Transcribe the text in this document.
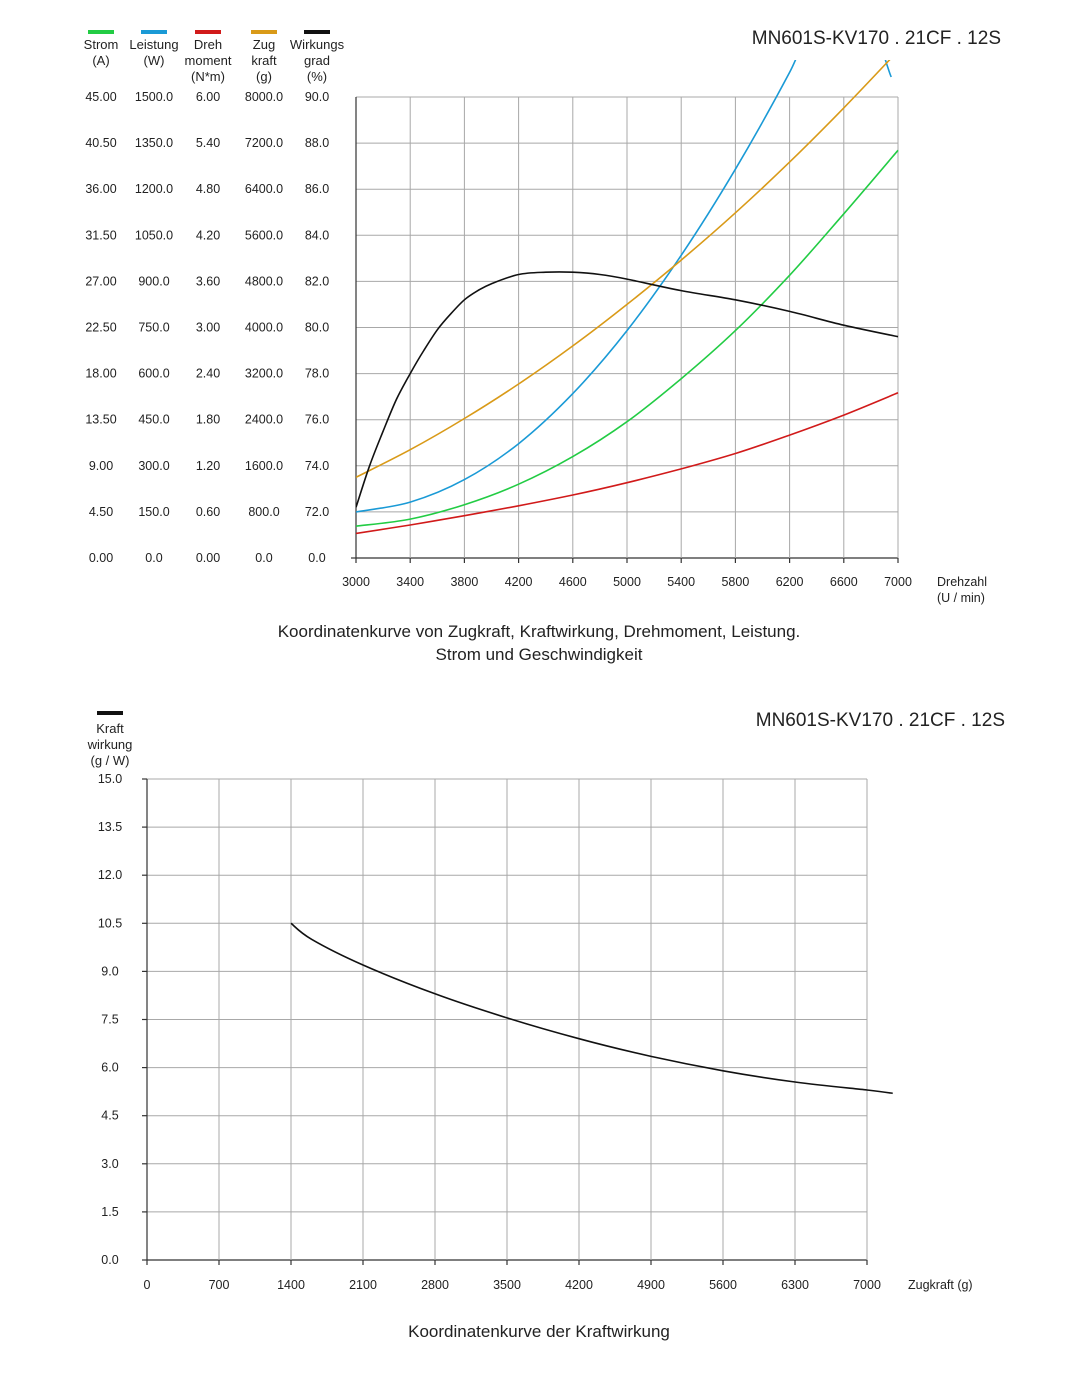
MN601S-KV170 . 21CF . 12S
Strom
(A)
Leistung
(W)
Dreh
moment
(N*m)
Zug
kraft
(g)
Wirkungs
grad
(%)
0.00
4.50
9.00
13.50
18.00
22.50
27.00
31.50
36.00
40.50
45.00
0.0
150.0
300.0
450.0
600.0
750.0
900.0
1050.0
1200.0
1350.0
1500.0
0.00
0.60
1.20
1.80
2.40
3.00
3.60
4.20
4.80
5.40
6.00
0.0
800.0
1600.0
2400.0
3200.0
4000.0
4800.0
5600.0
6400.0
7200.0
8000.0
0.0
72.0
74.0
76.0
78.0
80.0
82.0
84.0
86.0
88.0
90.0
3000 3400 3800 4200 4600 5000 5400 5800 6200 6600 7000 Drehzahl
(U / min)
Koordinatenkurve von Zugkraft, Kraftwirkung, Drehmoment, Leistung.
Strom und Geschwindigkeit
MN601S-KV170 . 21CF . 12S
Kraft
wirkung
(g / W)
0.0
1.5
3.0
4.5
6.0
7.5
9.0
10.5
12.0
13.5
15.0
0	700	1400	2100	2800	3500	4200	4900	5600	6300	7000 Zugkraft (g)
Koordinatenkurve der Kraftwirkung
